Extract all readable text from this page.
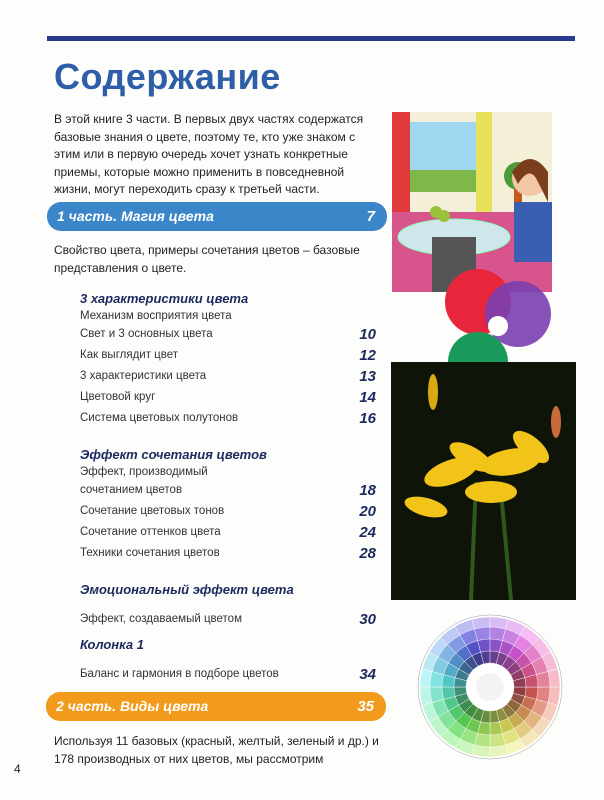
Содержание
В этой книге 3 части. В первых двух частях содержатся базовые знания о цвете, поэтому те, кто уже знаком с этим или в первую очередь хочет узнать конкретные приемы, которые можно применить в повседневной жизни, могут переходить сразу к третьей части.
1 часть. Магия цвета	7
Свойство цвета, примеры сочетания цветов – базовые представления о цвете.
3 характеристики цвета
Механизм восприятия цвета
Свет и 3 основных цвета	10
Как выглядит цвет	12
3 характеристики цвета	13
Цветовой круг	14
Система цветовых полутонов	16
Эффект сочетания цветов
Эффект, производимый
сочетанием цветов	18
Сочетание цветовых тонов	20
Сочетание оттенков цвета	24
Техники сочетания цветов	28
Эмоциональный эффект цвета
Эффект, создаваемый цветом	30
Колонка 1
Баланс и гармония в подборе цветов	34
2 часть. Виды цвета	35
Используя 11 базовых (красный, желтый, зеленый и др.) и 178 производных от них цветов, мы рассмотрим
4
